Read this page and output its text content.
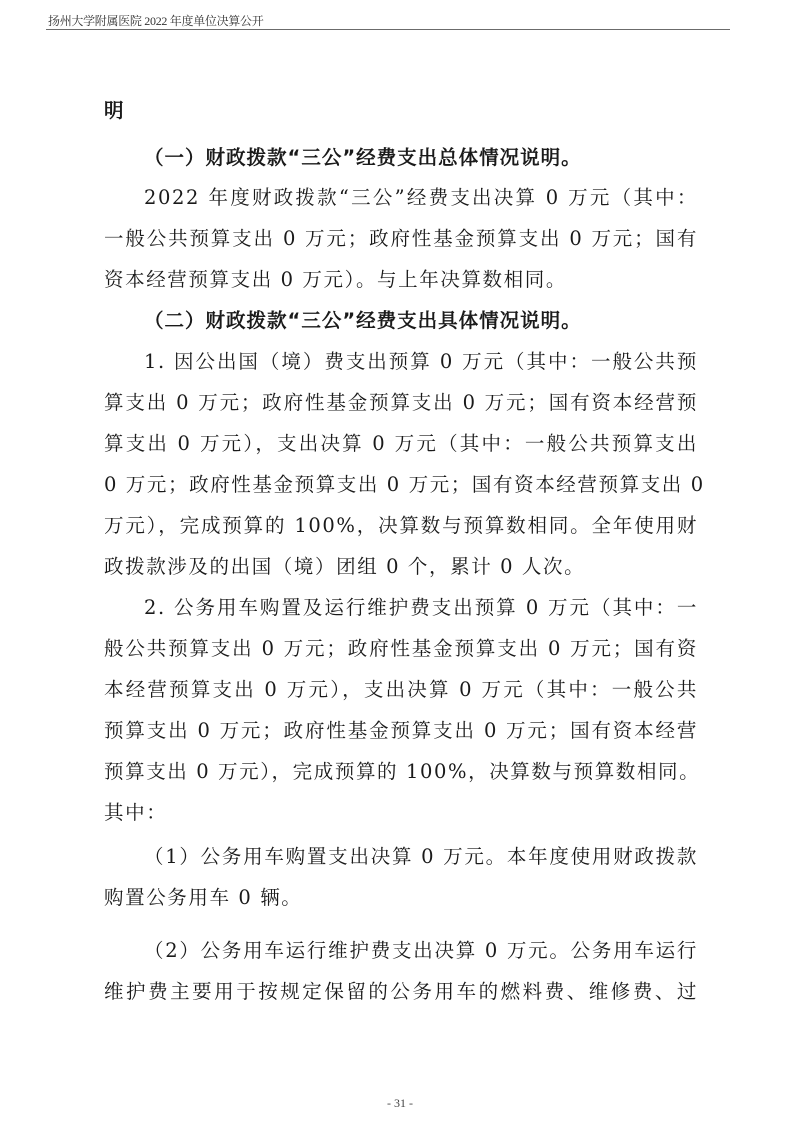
扬州大学附属医院 2022 年度单位决算公开
明
（一）财政拨款“三公”经费支出总体情况说明。
2022 年度财政拨款“三公”经费支出决算 0 万元（其中：
一般公共预算支出 0 万元；政府性基金预算支出 0 万元；国有
资本经营预算支出 0 万元）。与上年决算数相同。
（二）财政拨款“三公”经费支出具体情况说明。
1. 因公出国（境）费支出预算 0 万元（其中：一般公共预
算支出 0 万元；政府性基金预算支出 0 万元；国有资本经营预
算支出 0 万元），支出决算 0 万元（其中：一般公共预算支出
0 万元；政府性基金预算支出 0 万元；国有资本经营预算支出 0
万元），完成预算的 100%，决算数与预算数相同。全年使用财
政拨款涉及的出国（境）团组 0 个，累计 0 人次。
2. 公务用车购置及运行维护费支出预算 0 万元（其中：一
般公共预算支出 0 万元；政府性基金预算支出 0 万元；国有资
本经营预算支出 0 万元），支出决算 0 万元（其中：一般公共
预算支出 0 万元；政府性基金预算支出 0 万元；国有资本经营
预算支出 0 万元），完成预算的 100%，决算数与预算数相同。
其中：
（1）公务用车购置支出决算 0 万元。本年度使用财政拨款
购置公务用车 0 辆。
（2）公务用车运行维护费支出决算 0 万元。公务用车运行
维护费主要用于按规定保留的公务用车的燃料费、维修费、过
- 31 -
